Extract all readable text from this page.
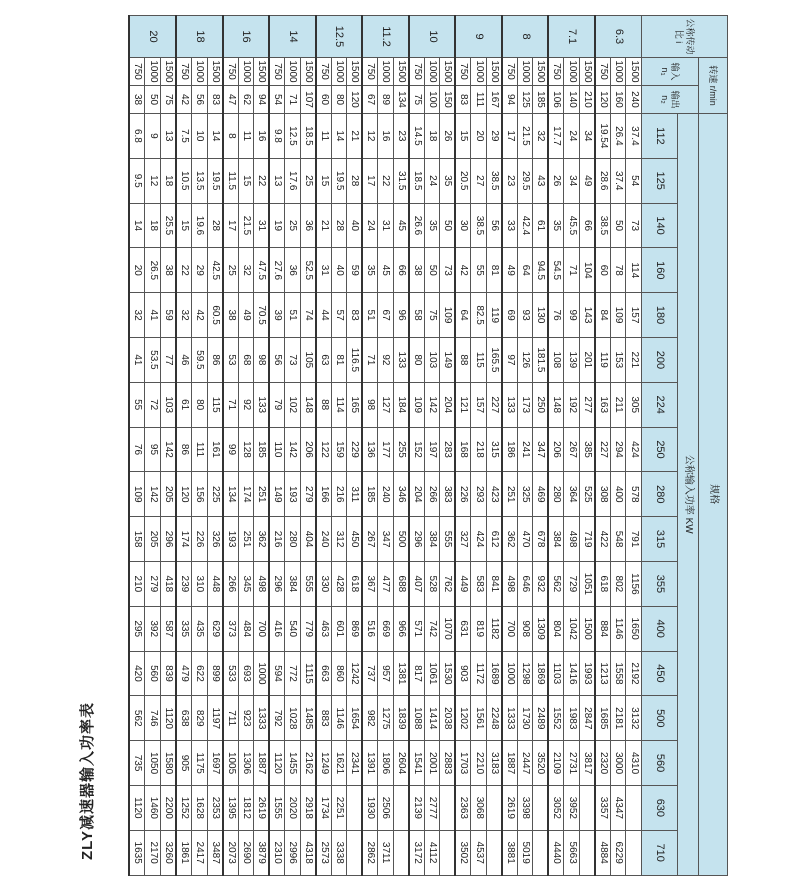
ZLY减速器输入功率表
公称传动比 i	转速 r/min		规格																
	输入 n₁	输出 n₂	公称输入功率 KW																
			112	125	140	160	180	200	224	250	280	315	355	400	450	500	560	630	710
6.3	1500	240	37.4	54	73	114	157	221	305	424	578	791	1156	1650	2192	3132	4310		
	1000	160	26.4	37.4	50	78	109	153	211	294	400	548	802	1146	1558	2181	3000	4347	6229
	750	120	19.54	28.6	38.5	60	84	119	163	227	308	422	618	884	1213	1685	2320	3357	4884
7.1	1500	210	34	49	66	104	143	201	277	385	525	719	1051	1500	1993	2847	3817		
	1000	140	24	34	45.5	71	99	139	192	267	364	498	729	1042	1416	1983	2731	3952	5663
	750	106	17.7	26	35	54.5	76	108	148	206	280	384	562	804	1103	1552	2109	3052	4440
8	1500	185	32	43	61	94.5	130	181.5	250	347	469	678	932	1309	1869	2489	3520		
	1000	125	21.5	29.5	42.4	64	93	126	173	241	325	470	646	908	1298	1730	2447	3398	5019
	750	94	17	23	33	49	69	97	133	186	251	362	498	700	1000	1333	1887	2619	3881
9	1500	167	29	38.5	56	81	119	165.5	227	315	423	612	841	1182	1689	2248	3183		
	1000	111	20	27	38.5	55	82.5	115	157	218	293	424	583	819	1172	1561	2210	3068	4537
	750	83	15	20.5	30	42	64	88	121	168	226	327	449	631	903	1202	1703	2363	3502
10	1500	150	26	35	50	73	109	149	204	283	383	555	762	1070	1530	2038	2883		
	1000	100	18	24	35	50	75	103	142	197	266	384	528	742	1061	1414	2001	2777	4112
	750	75	14.5	18.5	26.6	38	58	80	109	152	204	296	407	571	817	1088	1541	2139	3172
11.2	1500	134	23	31.5	45	66	96	133	184	255	346	500	688	966	1381	1839	2604		
	1000	89	16	22	31	45	67	92	127	177	240	347	477	669	957	1275	1806	2506	3711
	750	67	12	17	24	35	51	71	98	136	185	267	367	516	737	982	1391	1930	2862
12.5	1500	120	21	28	40	59	83	116.5	165	229	311	450	618	869	1242	1654	2341		
	1000	80	14	19.5	28	40	57	81	114	159	216	312	428	601	860	1146	1621	2251	3338
	750	60	11	15	21	31	44	63	88	122	166	240	330	463	663	883	1249	1734	2573
14	1500	107	18.5	25	36	52.5	74	105	148	206	279	404	555	779	1115	1485	2162	2918	4318
	1000	71	12.5	17.6	25	36	51	73	102	142	193	280	384	540	772	1028	1455	2020	2996
	750	54	9.8	13	19	27.6	39	56	79	110	149	216	296	416	594	792	1120	1555	2310
16	1500	94	16	22	31	47.5	70.5	98	133	185	251	362	498	700	1000	1333	1887	2619	3879
	1000	62	11	15	21.5	32	49	68	92	128	174	251	345	484	693	923	1306	1812	2690
	750	47	8	11.5	17	25	38	53	71	99	134	193	266	373	533	711	1005	1395	2073
18	1500	83	14	19.5	28	42.5	60.5	86	115	161	225	326	448	629	899	1197	1697	2353	3487
	1000	56	10	13.5	19.6	29	42	59.5	80	111	156	226	310	435	622	829	1175	1628	2417
	750	42	7.5	10.5	15	22	32	46	61	86	120	174	239	335	479	638	905	1252	1861
20	1500	75	13	18	25.5	38	59	77	103	142	205	296	418	587	839	1120	1580	2200	3260
	1000	50	9	12	18	26.5	41	53.5	72	95	142	205	279	392	560	746	1050	1460	2170
	750	38	6.8	9.5	14	20	32	41	55	76	109	158	210	295	420	562	735	1120	1635
